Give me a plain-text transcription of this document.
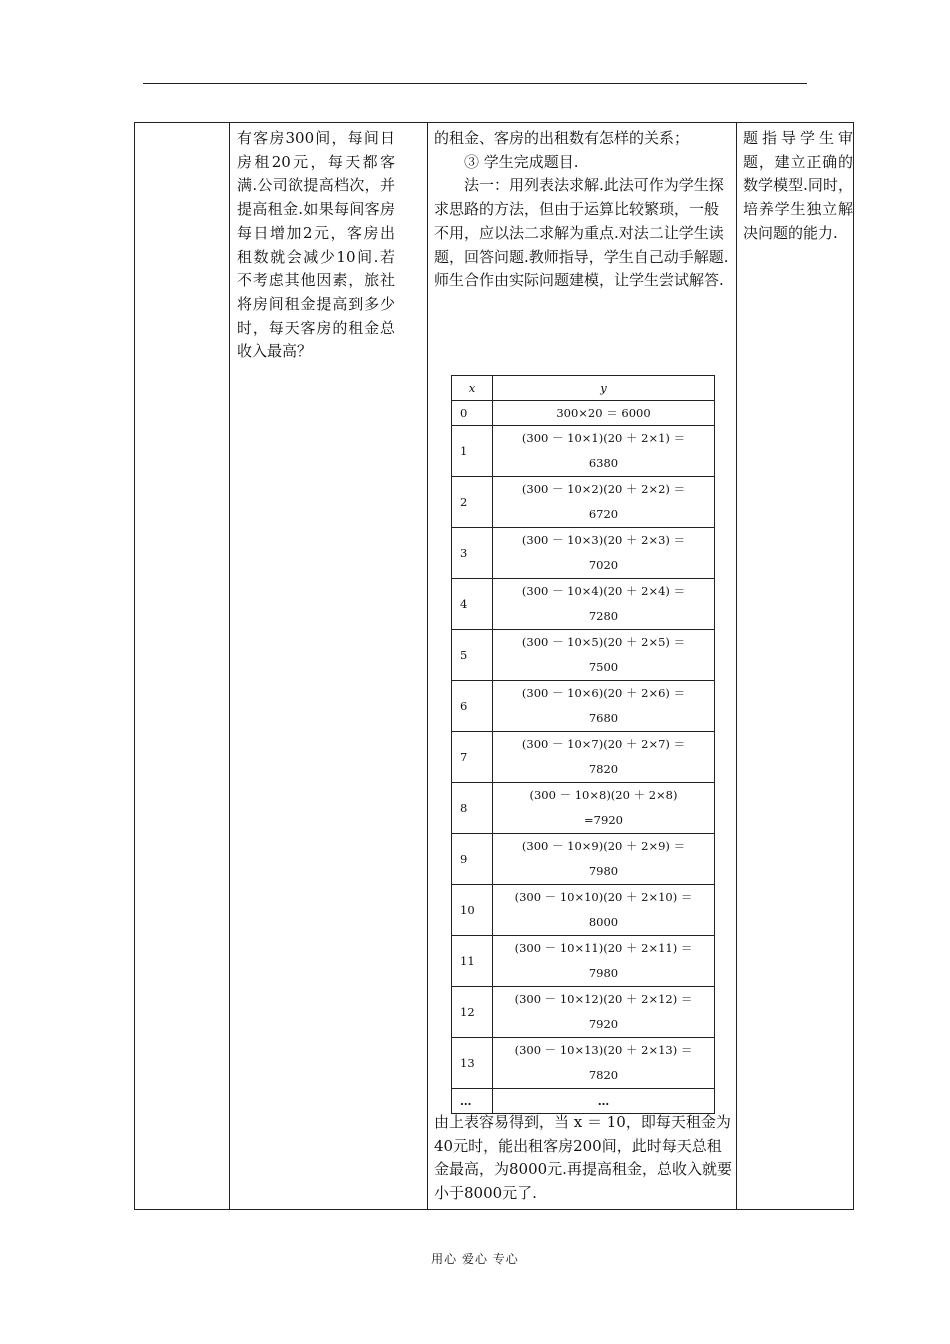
有客房300间，每间日房租20元，每天都客满.公司欲提高档次，并提高租金.如果每间客房每日增加2元，客房出租数就会减少10间.若不考虑其他因素，旅社将房间租金提高到多少时，每天客房的租金总收入最高？

的租金、客房的出租数有怎样的关系；

③ 学生完成题目.

法一：用列表法求解.此法可作为学生探求思路的方法，但由于运算比较繁琐，一般不用，应以法二求解为重点.对法二让学生读题，回答问题.教师指导，学生自己动手解题.

师生合作由实际问题建模，让学生尝试解答.

x	y
0	300×20 ＝ 6000

1	(300 － 10×1)(20 ＋ 2×1) ＝
6380

2	(300 － 10×2)(20 ＋ 2×2) ＝
6720

3	(300 － 10×3)(20 ＋ 2×3) ＝
7020

4	(300 － 10×4)(20 ＋ 2×4) ＝
7280

5	(300 － 10×5)(20 ＋ 2×5) ＝
7500

6	(300 － 10×6)(20 ＋ 2×6) ＝
7680

7	(300 － 10×7)(20 ＋ 2×7) ＝
7820

8	(300 － 10×8)(20 ＋ 2×8)
=7920

9	(300 － 10×9)(20 ＋ 2×9) ＝
7980

10	(300 － 10×10)(20 ＋ 2×10) ＝
8000

11	(300 － 10×11)(20 ＋ 2×11) ＝
7980

12	(300 － 10×12)(20 ＋ 2×12) ＝
7920

13	(300 － 10×13)(20 ＋ 2×13) ＝
7820

…	…
由上表容易得到，当 x ＝ 10，即每天租金为40元时，能出租客房200间，此时每天总租金最高，为8000元.再提高租金，总收入就要小于8000元了.
题指导学生审题，建立正确的数学模型.同时，培养学生独立解决问题的能力.
用心 爱心 专心
